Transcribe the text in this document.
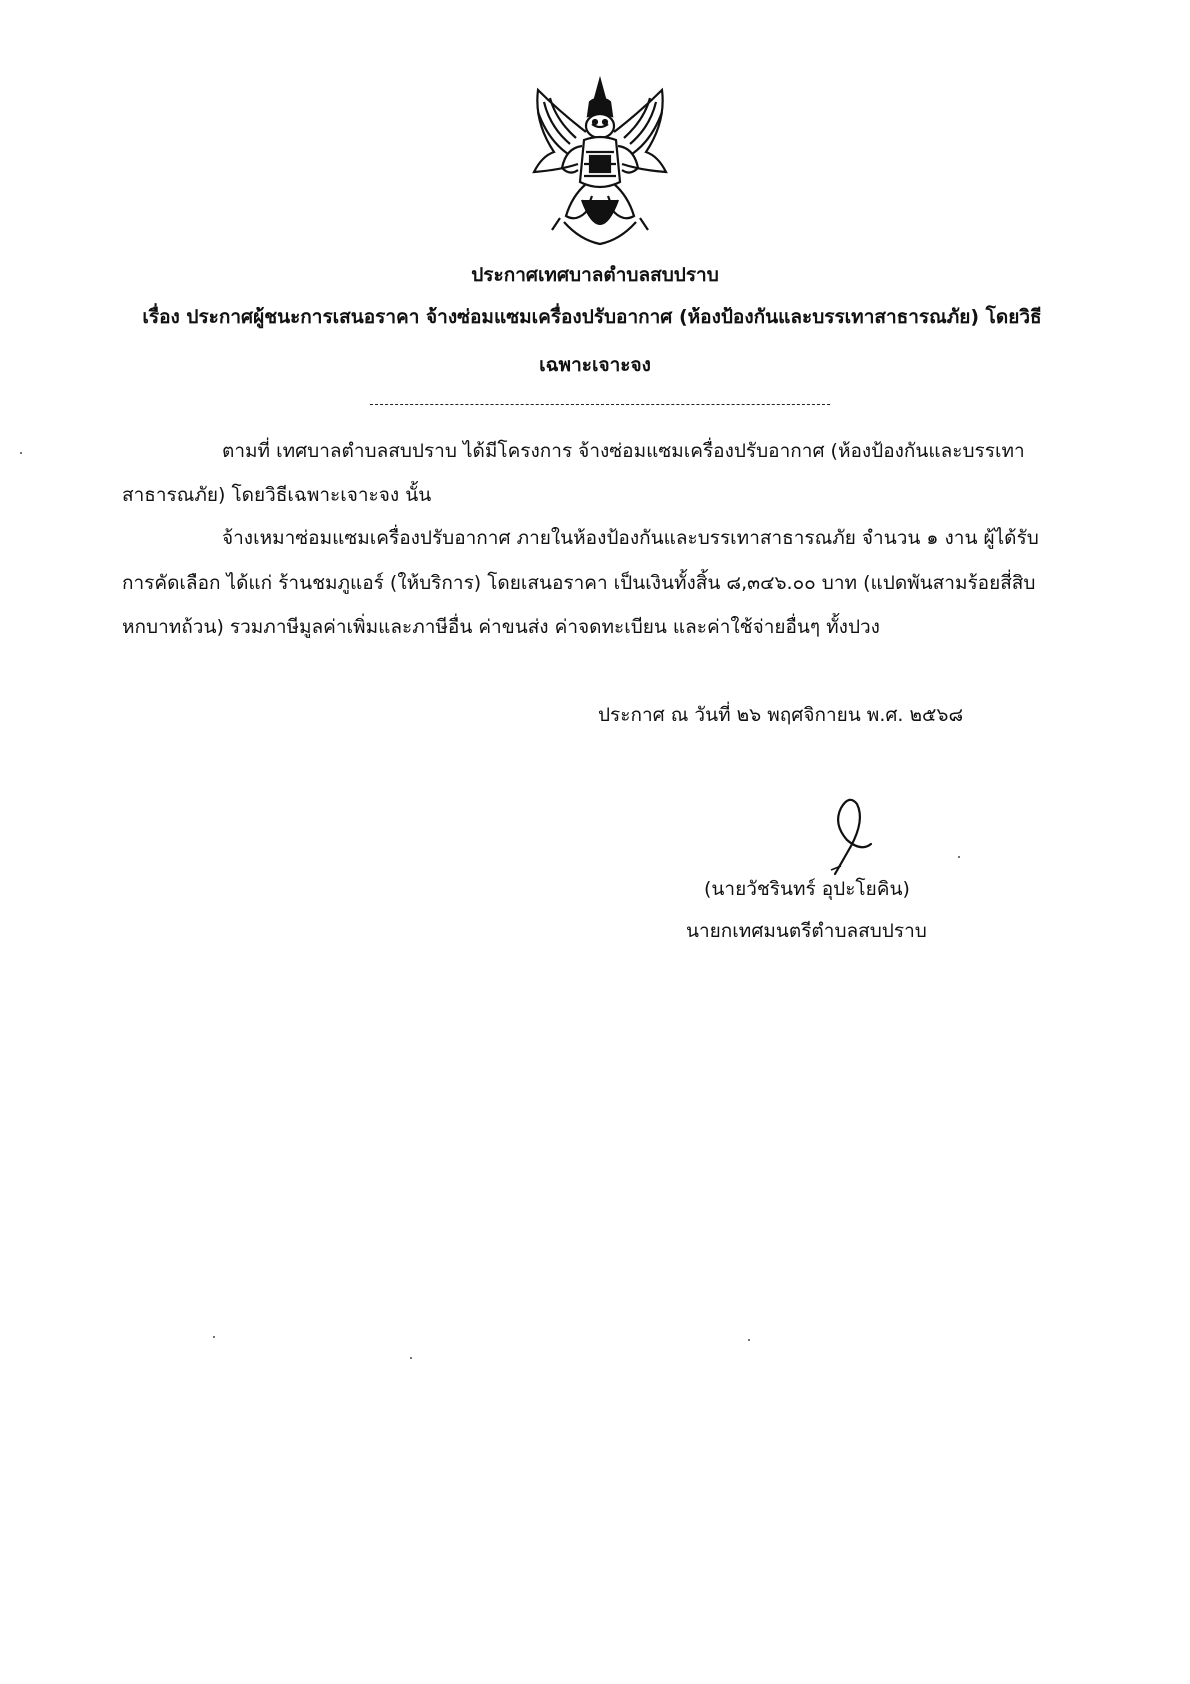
ประกาศเทศบาลตำบลสบปราบ
เรื่อง ประกาศผู้ชนะการเสนอราคา จ้างซ่อมแซมเครื่องปรับอากาศ (ห้องป้องกันและบรรเทาสาธารณภัย) โดยวิธี
เฉพาะเจาะจง
ตามที่ เทศบาลตำบลสบปราบ ได้มีโครงการ จ้างซ่อมแซมเครื่องปรับอากาศ (ห้องป้องกันและบรรเทา
สาธารณภัย) โดยวิธีเฉพาะเจาะจง นั้น
จ้างเหมาซ่อมแซมเครื่องปรับอากาศ ภายในห้องป้องกันและบรรเทาสาธารณภัย จำนวน ๑ งาน ผู้ได้รับ
การคัดเลือก ได้แก่ ร้านชมภูแอร์ (ให้บริการ) โดยเสนอราคา เป็นเงินทั้งสิ้น ๘,๓๔๖.๐๐ บาท (แปดพันสามร้อยสี่สิบ
หกบาทถ้วน) รวมภาษีมูลค่าเพิ่มและภาษีอื่น ค่าขนส่ง ค่าจดทะเบียน และค่าใช้จ่ายอื่นๆ ทั้งปวง
ประกาศ ณ วันที่ ๒๖ พฤศจิกายน พ.ศ. ๒๕๖๘
(นายวัชรินทร์ อุปะโยคิน)
นายกเทศมนตรีตำบลสบปราบ
